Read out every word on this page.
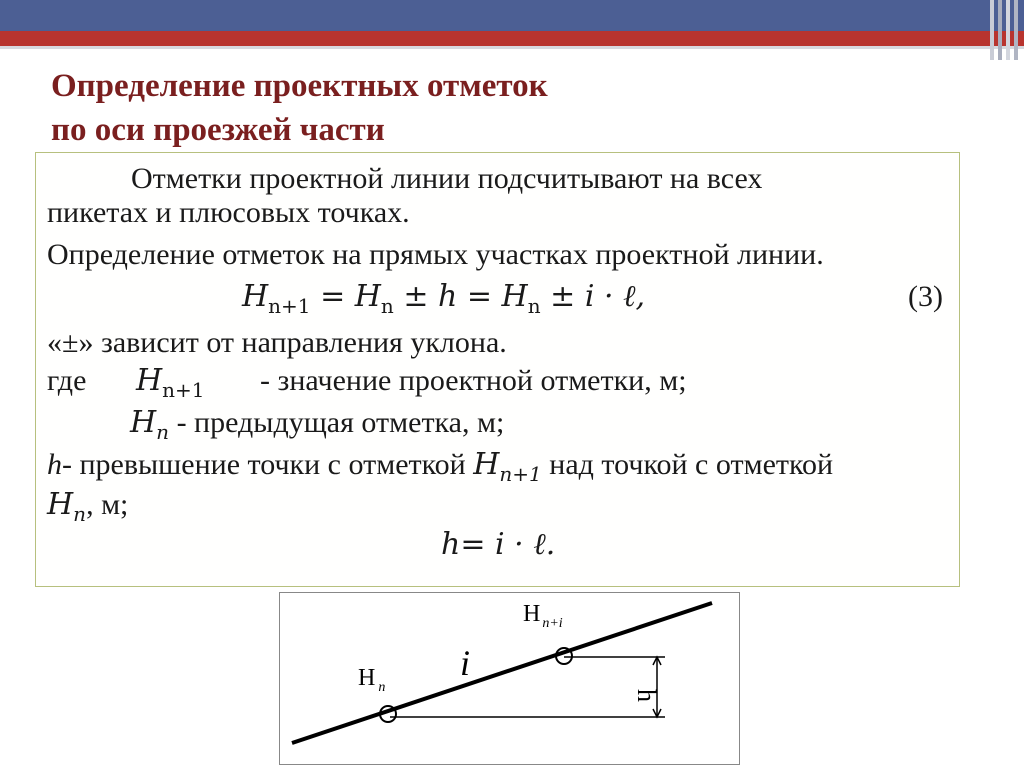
Определение проектных отметок
по оси проезжей части
Отметки проектной линии подсчитывают на всех
пикетах и плюсовых точках.
Определение отметок на прямых участках проектной линии.
$H_{n+1} = H_n \pm h = H_n \pm i$ · ℓ,	(3)
«±» зависит от направления уклона.
где $H_{n+1}$ - значение проектной отметки, м;
$H_n$ - предыдущая отметка, м;
h- превышение точки с отметкой $H_{n+1}$ над точкой с отметкой
$H_n$, м;
h= i · ℓ.
H $_n$
H $_{n+i}$
i
h
